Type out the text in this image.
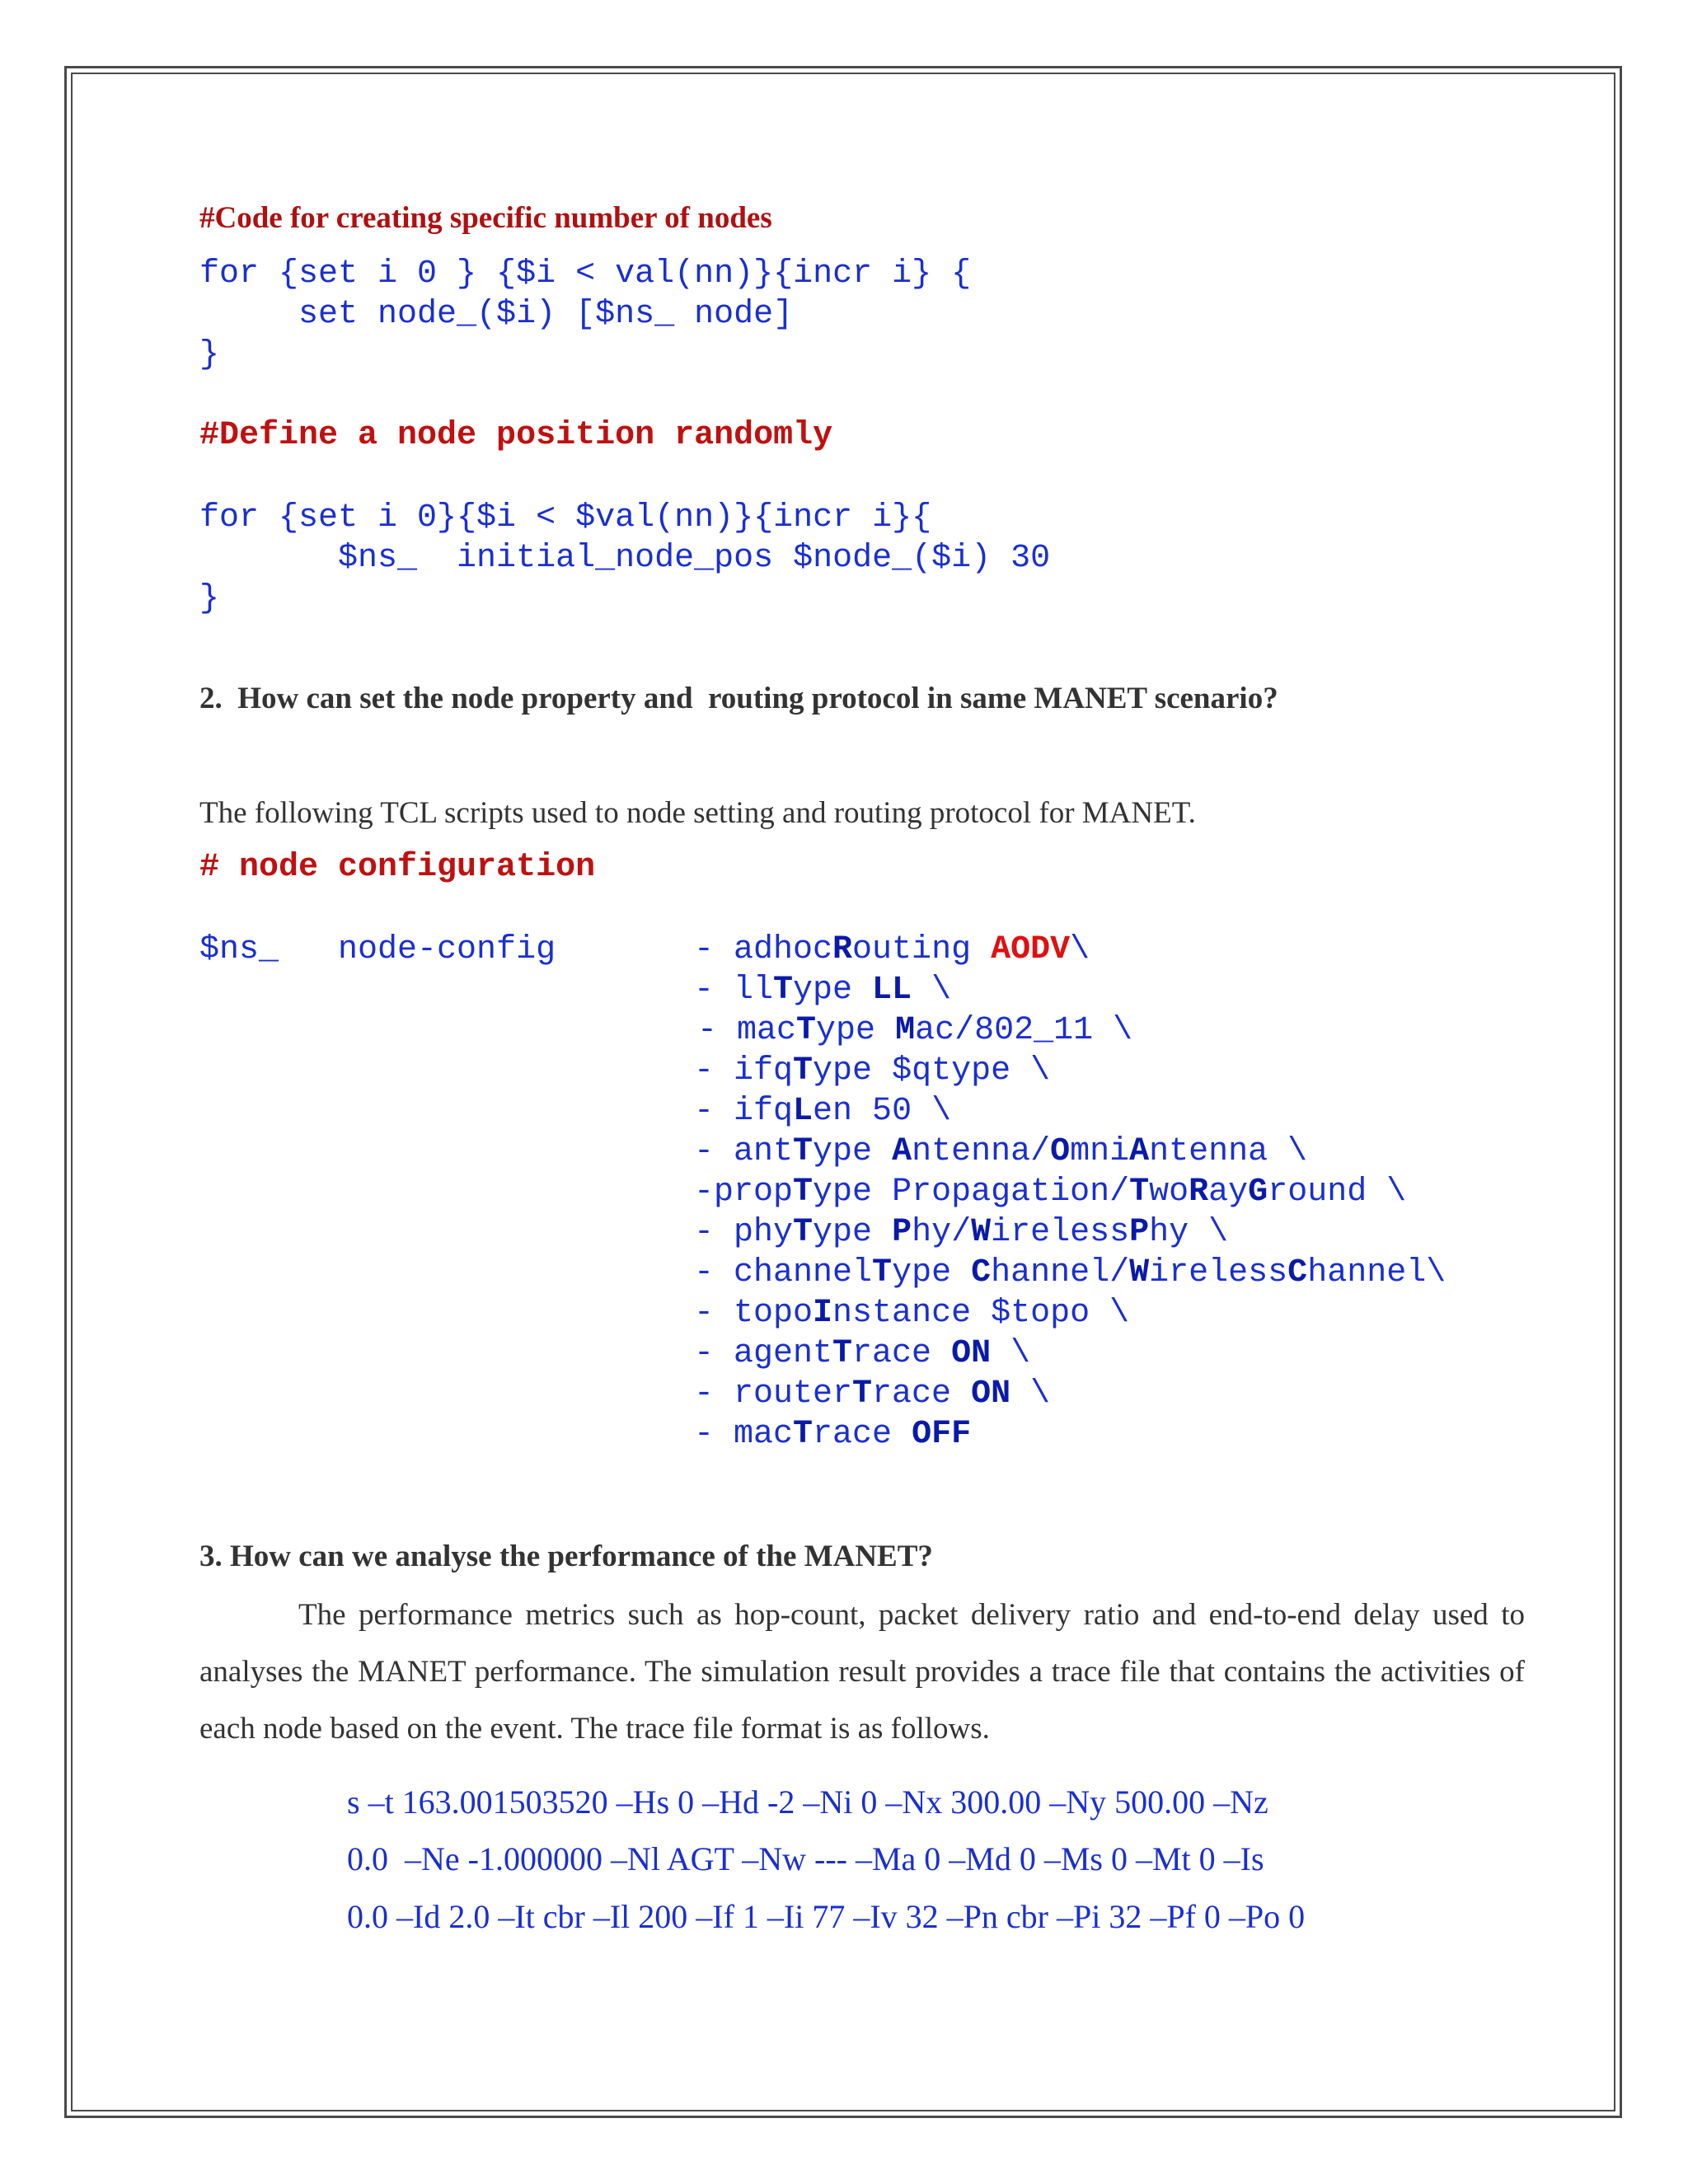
#Code for creating specific number of nodes
for {set i 0 } {$i < val(nn)}{incr i} {
set node_($i) [$ns_ node]
}
#Define a node position randomly
for {set i 0}{$i < $val(nn)}{incr i}{
$ns_  initial_node_pos $node_($i) 30
}
2.  How can set the node property and  routing protocol in same MANET scenario?
The following TCL scripts used to node setting and routing protocol for MANET.
# node configuration
$ns_   node-config	- adhocRouting AODV\
- llType LL \
- macType Mac/802_11 \
- ifqType $qtype \
- ifqLen 50 \
- antType Antenna/OmniAntenna \
-propType Propagation/TwoRayGround \
- phyType Phy/WirelessPhy \
- channelType Channel/WirelessChannel\
- topoInstance $topo \
- agentTrace ON \
- routerTrace ON \
- macTrace OFF
3. How can we analyse the performance of the MANET?
The performance metrics such as hop-count, packet delivery ratio and end-to-end delay used to analyses the MANET performance. The simulation result provides a trace file that contains the activities of each node based on the event. The trace file format is as follows.
s –t 163.001503520 –Hs 0 –Hd -2 –Ni 0 –Nx 300.00 –Ny 500.00 –Nz
0.0  –Ne -1.000000 –Nl AGT –Nw --- –Ma 0 –Md 0 –Ms 0 –Mt 0 –Is
0.0 –Id 2.0 –It cbr –Il 200 –If 1 –Ii 77 –Iv 32 –Pn cbr –Pi 32 –Pf 0 –Po 0
